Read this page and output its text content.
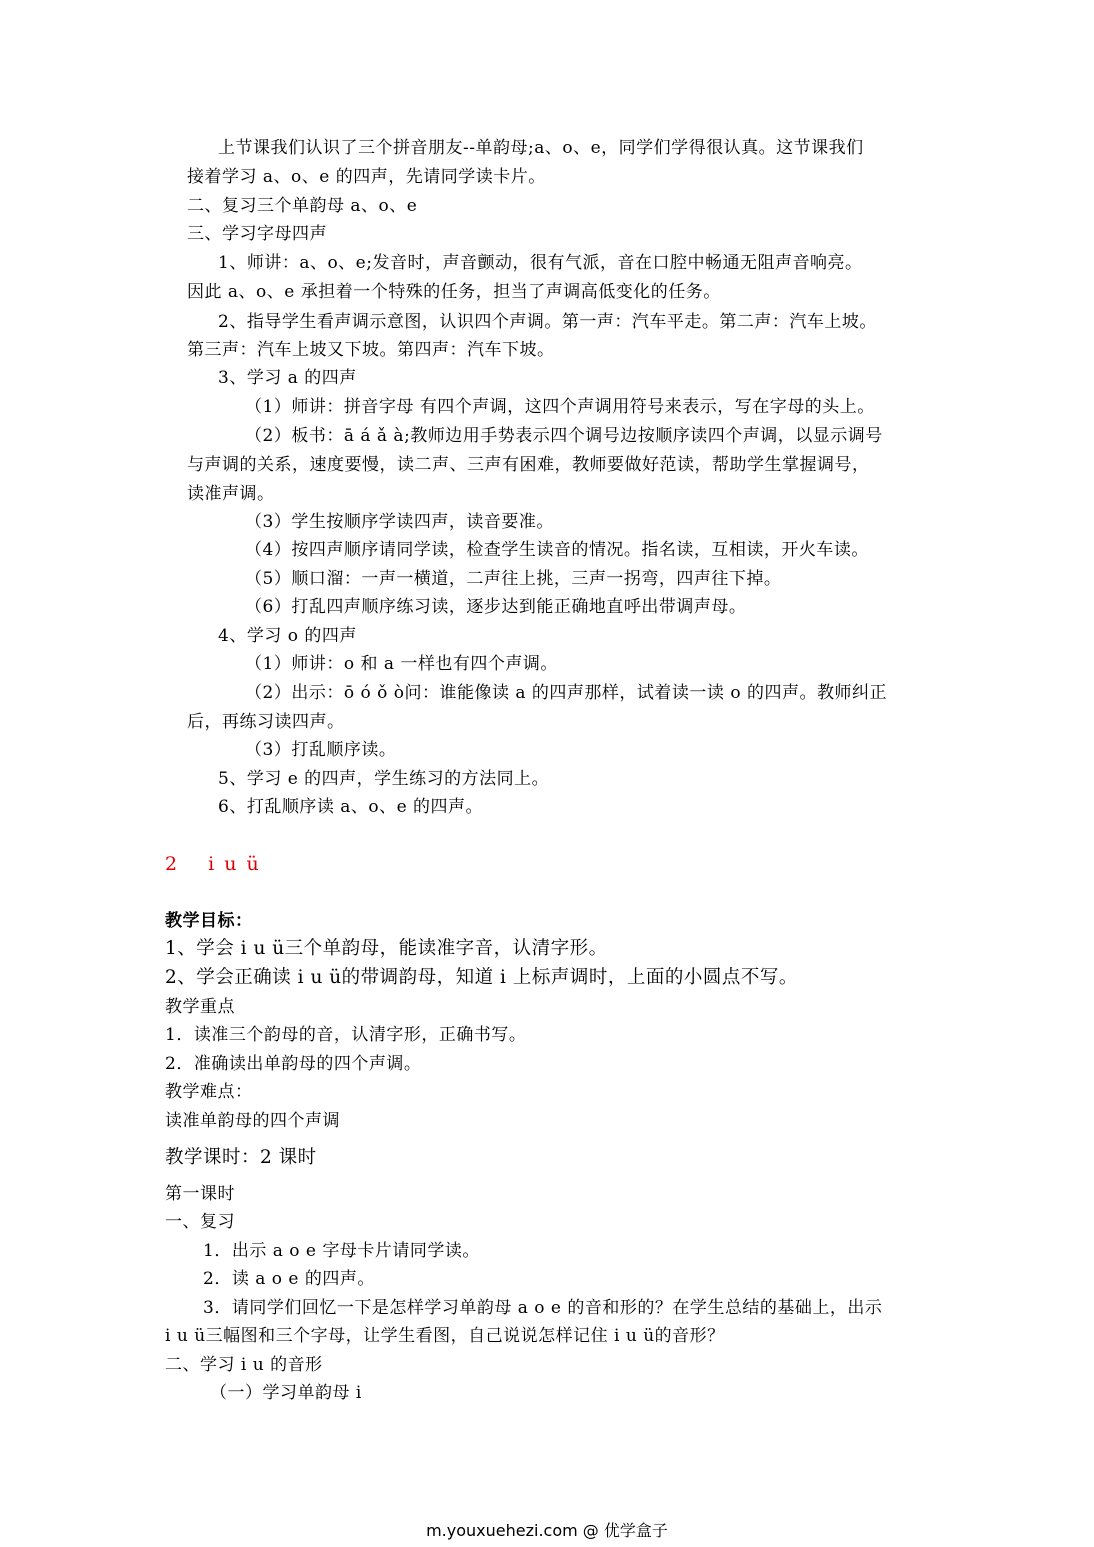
上节课我们认识了三个拼音朋友--单韵母;a、o、e，同学们学得很认真。这节课我们
接着学习 a、o、e 的四声，先请同学读卡片。
二、复习三个单韵母 a、o、e
三、学习字母四声
1、师讲：a、o、e;发音时，声音颤动，很有气派，音在口腔中畅通无阻声音响亮。
因此 a、o、e 承担着一个特殊的任务，担当了声调高低变化的任务。
2、指导学生看声调示意图，认识四个声调。第一声：汽车平走。第二声：汽车上坡。
第三声：汽车上坡又下坡。第四声：汽车下坡。
3、学习 a 的四声
（1）师讲：拼音字母 有四个声调，这四个声调用符号来表示，写在字母的头上。
（2）板书：ā á ǎ à;教师边用手势表示四个调号边按顺序读四个声调，以显示调号
与声调的关系，速度要慢，读二声、三声有困难，教师要做好范读，帮助学生掌握调号，
读准声调。
（3）学生按顺序学读四声，读音要准。
（4）按四声顺序请同学读，检查学生读音的情况。指名读，互相读，开火车读。
（5）顺口溜：一声一横道，二声往上挑，三声一拐弯，四声往下掉。
（6）打乱四声顺序练习读，逐步达到能正确地直呼出带调声母。
4、学习 o 的四声
（1）师讲：o 和 a 一样也有四个声调。
（2）出示：ō ó ǒ ò问：谁能像读 a 的四声那样，试着读一读 o 的四声。教师纠正
后，再练习读四声。
（3）打乱顺序读。
5、学习 e 的四声，学生练习的方法同上。
6、打乱顺序读 a、o、e 的四声。
2　 i u ü
教学目标：
1、学会 i u ü三个单韵母，能读准字音，认清字形。
2、学会正确读 i u ü的带调韵母，知道 i 上标声调时，上面的小圆点不写。
教学重点
1．读准三个韵母的音，认清字形，正确书写。
2．准确读出单韵母的四个声调。
教学难点：
读准单韵母的四个声调
教学课时：2 课时
第一课时
一、复习
1．出示 a o e 字母卡片请同学读。
2．读 a o e 的四声。
3．请同学们回忆一下是怎样学习单韵母 a o e 的音和形的？在学生总结的基础上，出示
i u ü三幅图和三个字母，让学生看图，自己说说怎样记住 i u ü的音形？
二、学习 i u 的音形
（一）学习单韵母 i
m.youxuehezi.com @ 优学盒子
